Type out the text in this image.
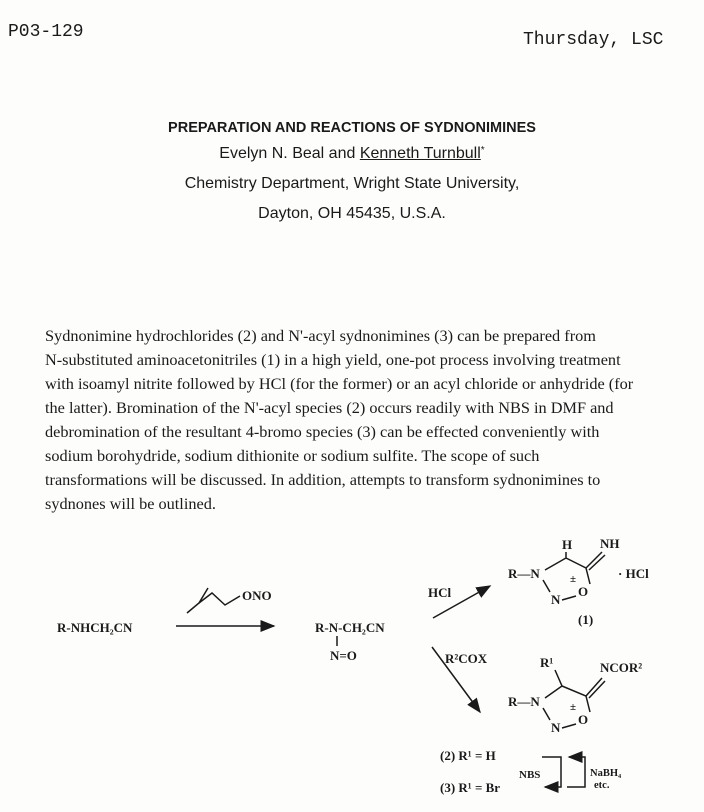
P03-129	Thursday, LSC
PREPARATION AND REACTIONS OF SYDNONIMINES
Evelyn N. Beal and Kenneth Turnbull*
Chemistry Department, Wright State University,
Dayton, OH 45435, U.S.A.
Sydnonimine hydrochlorides (2) and N'-acyl sydnonimines (3) can be prepared from
N-substituted aminoacetonitriles (1) in a high yield, one-pot process involving treatment
with isoamyl nitrite followed by HCl (for the former) or an acyl chloride or anhydride (for
the latter). Bromination of the N'-acyl species (2) occurs readily with NBS in DMF and
debromination of the resultant 4-bromo species (3) can be effected conveniently with
sodium borohydride, sodium dithionite or sodium sulfite. The scope of such
transformations will be discussed. In addition, attempts to transform sydnonimines to
sydnones will be outlined.
R-NHCH₂CN
ONO
R-N-CH₂CN
N=O
HCl
R²COX
H NH
R—N	±
N
O
· HCl
(1)
R¹	NCOR²
R—N	±
N
O
(2) R¹ = H
(3) R¹ = Br
NBS	NaBH₄
etc.
